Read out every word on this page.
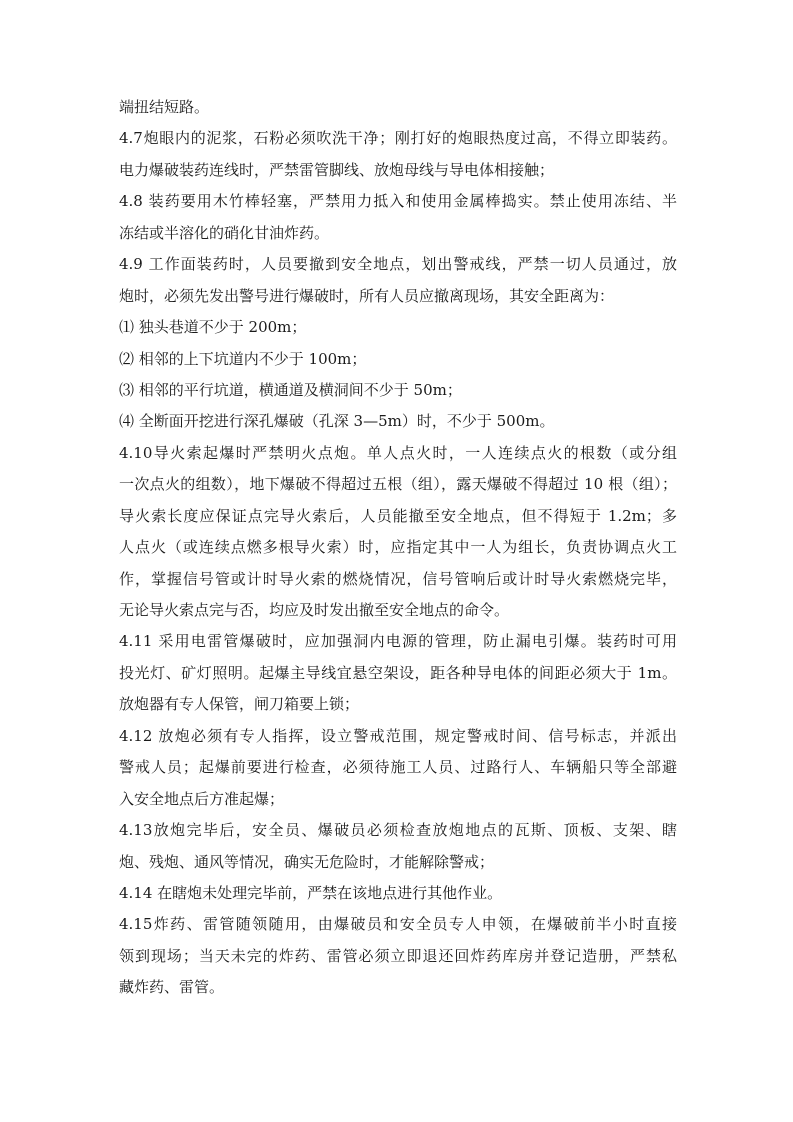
端扭结短路。
4.7炮眼内的泥浆，石粉必须吹洗干净；刚打好的炮眼热度过高，不得立即装药。
电力爆破装药连线时，严禁雷管脚线、放炮母线与导电体相接触；
4.8 装药要用木竹棒轻塞，严禁用力抵入和使用金属棒捣实。禁止使用冻结、半
冻结或半溶化的硝化甘油炸药。
4.9 工作面装药时，人员要撤到安全地点，划出警戒线，严禁一切人员通过，放
炮时，必须先发出警号进行爆破时，所有人员应撤离现场，其安全距离为：
⑴ 独头巷道不少于 200m；
⑵ 相邻的上下坑道内不少于 100m；
⑶ 相邻的平行坑道，横通道及横洞间不少于 50m；
⑷ 全断面开挖进行深孔爆破（孔深 3—5m）时，不少于 500m。
4.10导火索起爆时严禁明火点炮。单人点火时，一人连续点火的根数（或分组
一次点火的组数），地下爆破不得超过五根（组），露天爆破不得超过 10 根（组）；
导火索长度应保证点完导火索后，人员能撤至安全地点，但不得短于 1.2m；多
人点火（或连续点燃多根导火索）时，应指定其中一人为组长，负责协调点火工
作，掌握信号管或计时导火索的燃烧情况，信号管响后或计时导火索燃烧完毕，
无论导火索点完与否，均应及时发出撤至安全地点的命令。
4.11 采用电雷管爆破时，应加强洞内电源的管理，防止漏电引爆。装药时可用
投光灯、矿灯照明。起爆主导线宜悬空架设，距各种导电体的间距必须大于 1m。
放炮器有专人保管，闸刀箱要上锁；
4.12 放炮必须有专人指挥，设立警戒范围，规定警戒时间、信号标志，并派出
警戒人员；起爆前要进行检查，必须待施工人员、过路行人、车辆船只等全部避
入安全地点后方准起爆；
4.13放炮完毕后，安全员、爆破员必须检查放炮地点的瓦斯、顶板、支架、瞎
炮、残炮、通风等情况，确实无危险时，才能解除警戒；
4.14 在瞎炮未处理完毕前，严禁在该地点进行其他作业。
4.15炸药、雷管随领随用，由爆破员和安全员专人申领，在爆破前半小时直接
领到现场；当天未完的炸药、雷管必须立即退还回炸药库房并登记造册，严禁私
藏炸药、雷管。
